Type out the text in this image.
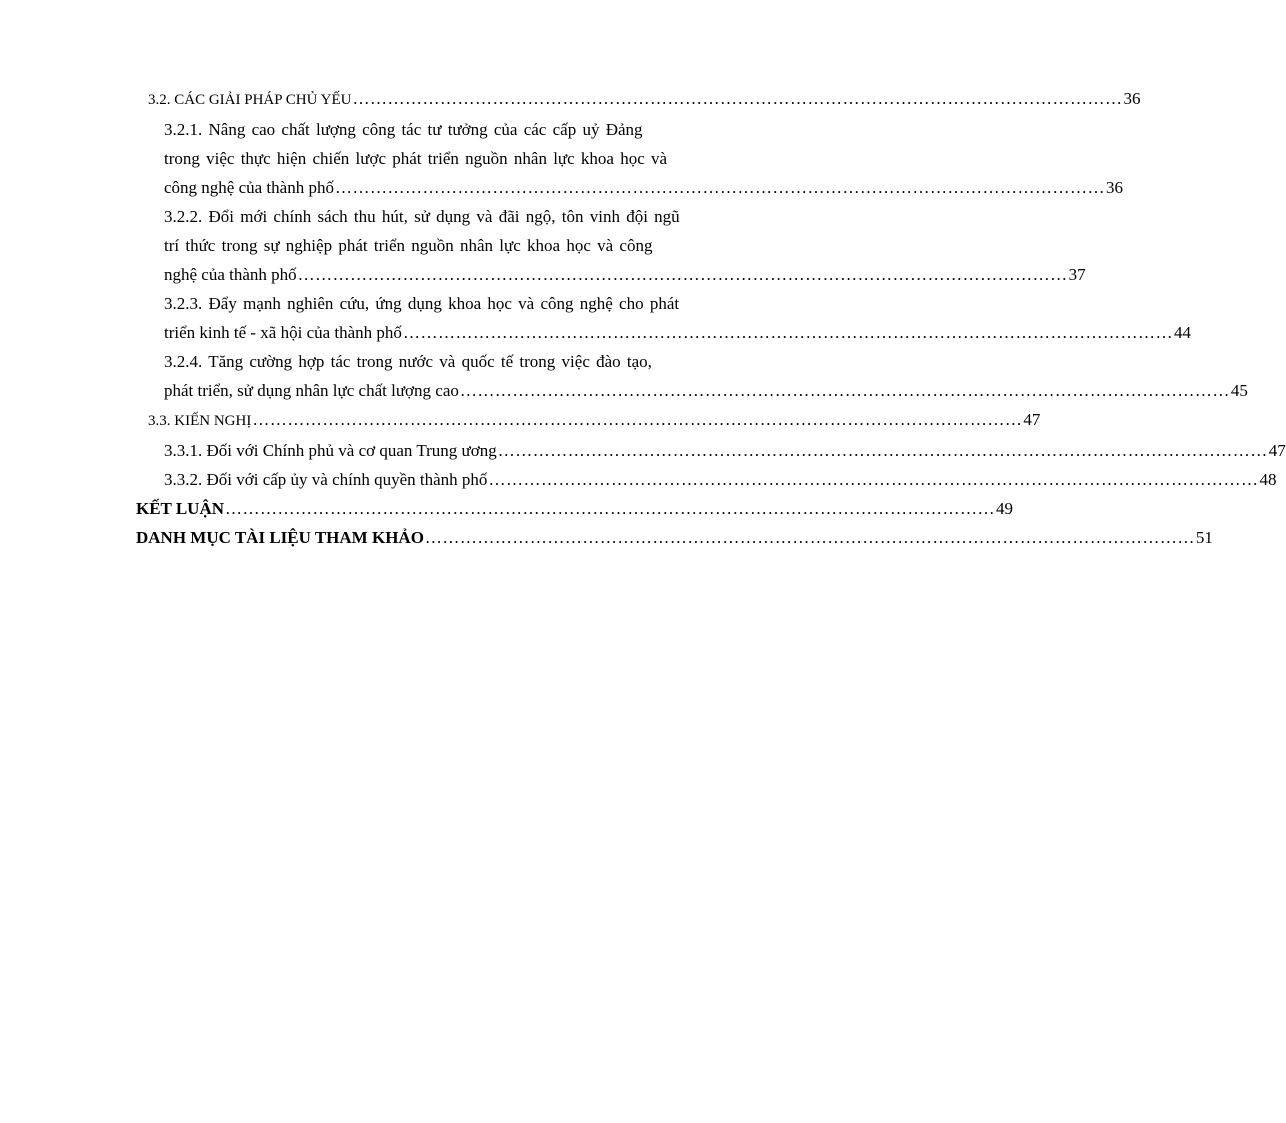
3.2. CÁC GIẢI PHÁP CHỦ YẾU …………………………………………………………………………………………………………………… 36
3.2.1. Nâng cao chất lượng công tác tư tưởng của các cấp uỷ Đảng
trong việc thực hiện chiến lược phát triển nguồn nhân lực khoa học và
công nghệ của thành phố …………………………………………………………………………………………………………………… 36
3.2.2. Đổi mới chính sách thu hút, sử dụng và đãi ngộ, tôn vinh đội ngũ
trí thức trong sự nghiệp phát triển nguồn nhân lực khoa học và công
nghệ của thành phố …………………………………………………………………………………………………………………… 37
3.2.3. Đẩy mạnh nghiên cứu, ứng dụng khoa học và công nghệ cho phát
triển kinh tế - xã hội của thành phố …………………………………………………………………………………………………………………… 44
3.2.4. Tăng cường hợp tác trong nước và quốc tế trong việc đào tạo,
phát triển, sử dụng nhân lực chất lượng cao …………………………………………………………………………………………………………………… 45
3.3. KIẾN NGHỊ …………………………………………………………………………………………………………………… 47
3.3.1. Đối với Chính phủ và cơ quan Trung ương …………………………………………………………………………………………………………………… 47
3.3.2. Đối với cấp ủy và chính quyền thành phố …………………………………………………………………………………………………………………… 48
KẾT LUẬN …………………………………………………………………………………………………………………… 49
DANH MỤC TÀI LIỆU THAM KHẢO …………………………………………………………………………………………………………………… 51
